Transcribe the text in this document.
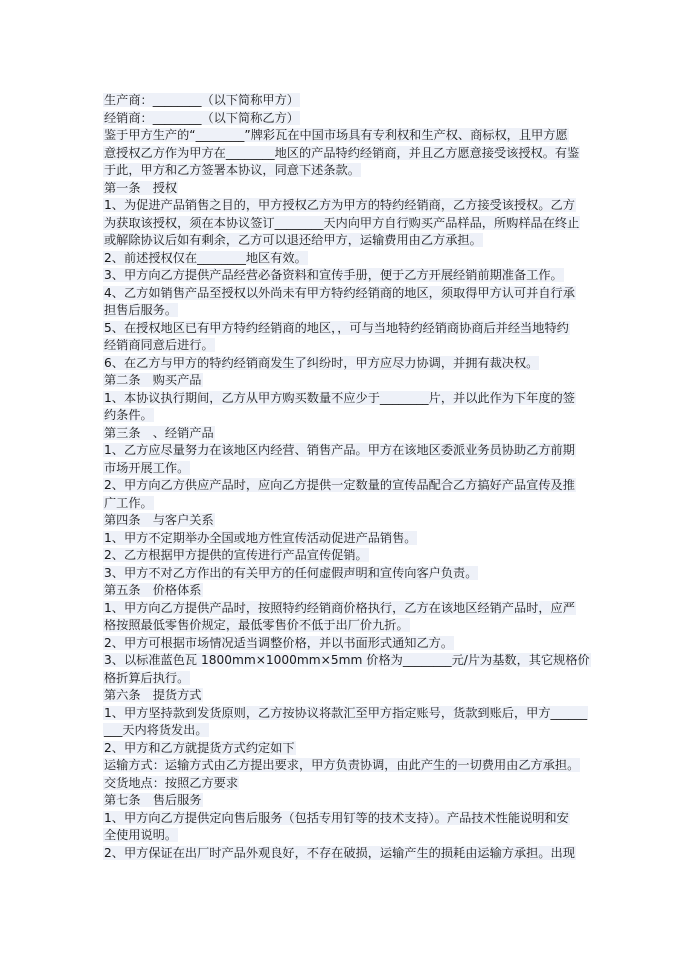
生产商：________（以下简称甲方）

经销商：________（以下简称乙方）

鉴于甲方生产的“________”牌彩瓦在中国市场具有专利权和生产权、商标权，且甲方愿

意授权乙方作为甲方在________地区的产品特约经销商，并且乙方愿意接受该授权。有鉴

于此，甲方和乙方签署本协议，同意下述条款。

第一条　授权

1、为促进产品销售之目的，甲方授权乙方为甲方的特约经销商，乙方接受该授权。乙方

为获取该授权，须在本协议签订________天内向甲方自行购买产品样品，所购样品在终止

或解除协议后如有剩余，乙方可以退还给甲方，运输费用由乙方承担。

2、前述授权仅在________地区有效。

3、甲方向乙方提供产品经营必备资料和宣传手册，便于乙方开展经销前期准备工作。

4、乙方如销售产品至授权以外尚未有甲方特约经销商的地区，须取得甲方认可并自行承

担售后服务。

5、在授权地区已有甲方特约经销商的地区，，可与当地特约经销商协商后并经当地特约

经销商同意后进行。

6、在乙方与甲方的特约经销商发生了纠纷时，甲方应尽力协调，并拥有裁决权。

第二条　购买产品

1、本协议执行期间，乙方从甲方购买数量不应少于________片，并以此作为下年度的签

约条件。

第三条　、经销产品

1、乙方应尽量努力在该地区内经营、销售产品。甲方在该地区委派业务员协助乙方前期

市场开展工作。

2、甲方向乙方供应产品时，应向乙方提供一定数量的宣传品配合乙方搞好产品宣传及推

广工作。

第四条　与客户关系

1、甲方不定期举办全国或地方性宣传活动促进产品销售。

2、乙方根据甲方提供的宣传进行产品宣传促销。

3、甲方不对乙方作出的有关甲方的任何虚假声明和宣传向客户负责。

第五条　价格体系

1、甲方向乙方提供产品时，按照特约经销商价格执行，乙方在该地区经销产品时，应严

格按照最低零售价规定，最低零售价不低于出厂价九折。

2、甲方可根据市场情况适当调整价格，并以书面形式通知乙方。

3、以标准蓝色瓦 1800mm×1000mm×5mm 价格为________元/片为基数，其它规格价

格折算后执行。

第六条　提货方式

1、甲方坚持款到发货原则，乙方按协议将款汇至甲方指定账号，货款到账后，甲方______

___天内将货发出。

2、甲方和乙方就提货方式约定如下

运输方式：运输方式由乙方提出要求，甲方负责协调，由此产生的一切费用由乙方承担。

交货地点：按照乙方要求

第七条　售后服务

1、甲方向乙方提供定向售后服务（包括专用钉等的技术支持）。产品技术性能说明和安

全使用说明。

2、甲方保证在出厂时产品外观良好，不存在破损，运输产生的损耗由运输方承担。出现
